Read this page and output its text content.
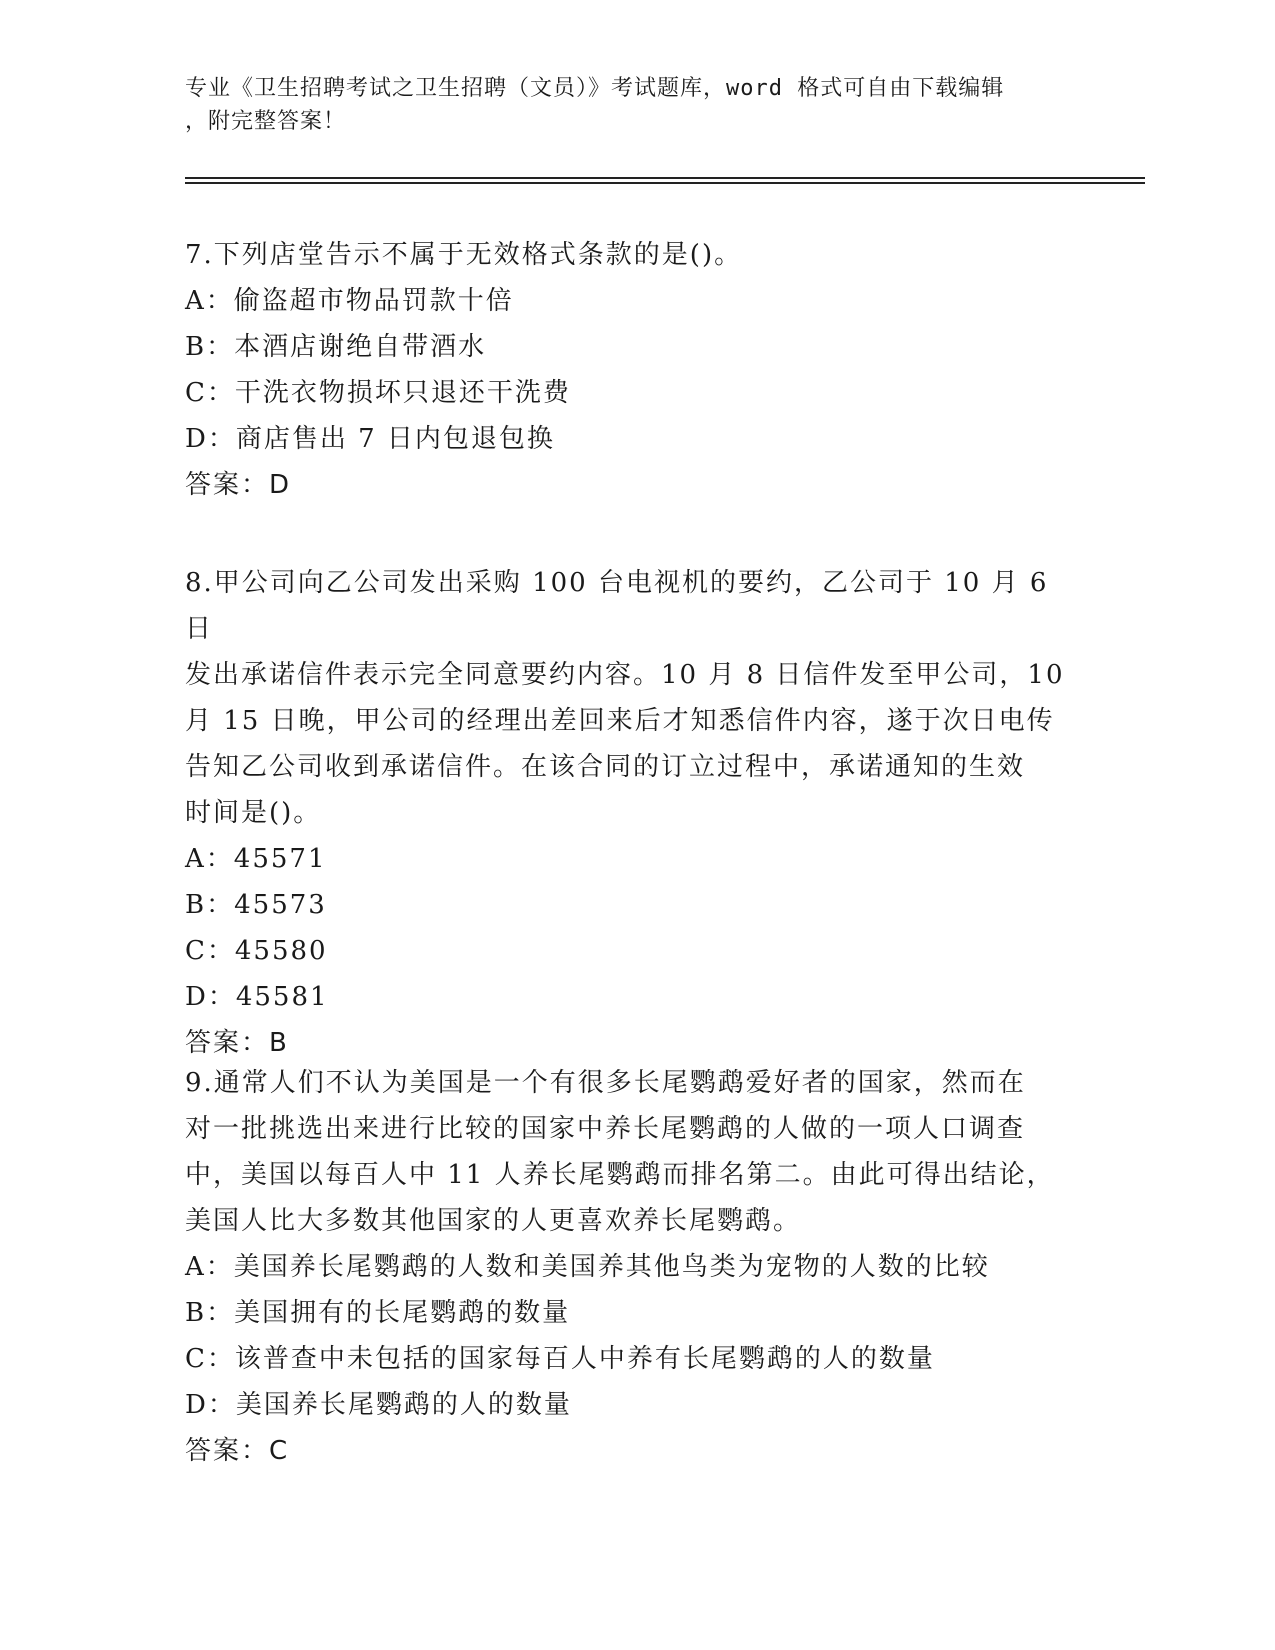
专业《卫生招聘考试之卫生招聘（文员）》考试题库，word 格式可自由下载编辑
，附完整答案！

7.下列店堂告示不属于无效格式条款的是()。

A：偷盗超市物品罚款十倍

B：本酒店谢绝自带酒水

C：干洗衣物损坏只退还干洗费

D：商店售出 7 日内包退包换

答案：D

8.甲公司向乙公司发出采购 100 台电视机的要约，乙公司于 10 月 6 日

发出承诺信件表示完全同意要约内容。10 月 8 日信件发至甲公司，10

月 15 日晚，甲公司的经理出差回来后才知悉信件内容，遂于次日电传

告知乙公司收到承诺信件。在该合同的订立过程中，承诺通知的生效

时间是()。

A：45571

B：45573

C：45580

D：45581

答案：B

9.通常人们不认为美国是一个有很多长尾鹦鹉爱好者的国家，然而在

对一批挑选出来进行比较的国家中养长尾鹦鹉的人做的一项人口调查

中，美国以每百人中 11 人养长尾鹦鹉而排名第二。由此可得出结论，

美国人比大多数其他国家的人更喜欢养长尾鹦鹉。

A：美国养长尾鹦鹉的人数和美国养其他鸟类为宠物的人数的比较

B：美国拥有的长尾鹦鹉的数量

C：该普查中未包括的国家每百人中养有长尾鹦鹉的人的数量

D：美国养长尾鹦鹉的人的数量

答案：C
